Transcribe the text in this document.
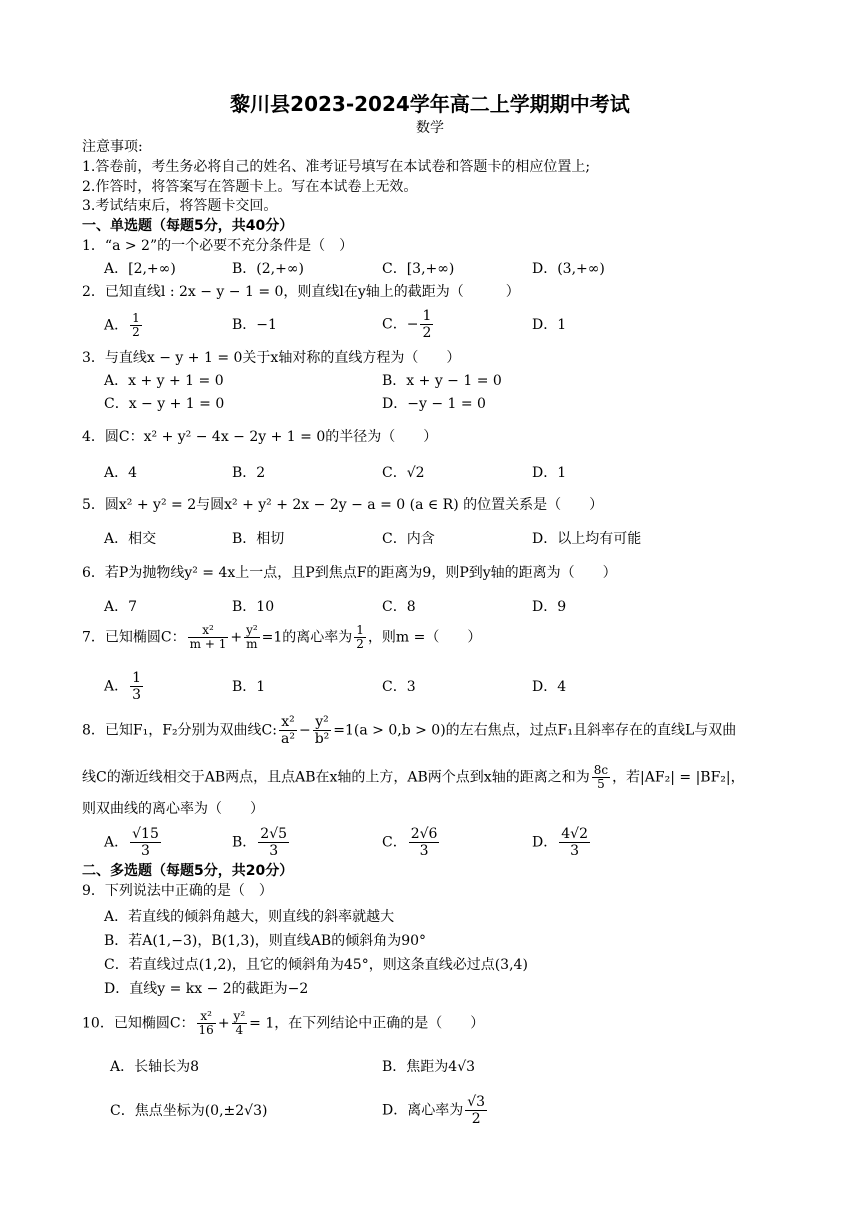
黎川县2023-2024学年高二上学期期中考试
数学
注意事项:
1.答卷前，考生务必将自己的姓名、准考证号填写在本试卷和答题卡的相应位置上;
2.作答时，将答案写在答题卡上。写在本试卷上无效。
3.考试结束后，将答题卡交回。
一、单选题（每题5分，共40分）
1．“a > 2”的一个必要不充分条件是（　）
A．[2,+∞)	B．(2,+∞)	C．[3,+∞)	D．(3,+∞)
2．已知直线l : 2x − y − 1 = 0，则直线l在y轴上的截距为（　　　）
A． $\frac{1}{2}$	B．−1	C．− $\frac{1}{2}$	D．1
3．与直线x − y + 1 = 0关于x轴对称的直线方程为（　　）
A．x + y + 1 = 0	B．x + y − 1 = 0
C．x − y + 1 = 0	D．−y − 1 = 0
4．圆C：x² + y² − 4x − 2y + 1 = 0的半径为（　　）
A．4	B．2	C．√2	D．1
5．圆x² + y² = 2与圆x² + y² + 2x − 2y − a = 0 (a ∈ R) 的位置关系是（　　）
A．相交	B．相切	C．内含	D．以上均有可能
6．若P为抛物线y² = 4x上一点，且P到焦点F的距离为9，则P到y轴的距离为（　　）
A．7	B．10	C．8	D．9
7．已知椭圆C： $\frac{\text{x²}}{m + 1} + \frac{\text{y²}}{m} =1$的离心率为 $\frac{1}{2}$ ，则m =（　　）
A． $\frac{1}{3}$	B．1	C．3	D．4
8．已知F₁，F₂分别为双曲线C: $\frac{\text{x²}}{\text{a²}} - \frac{\text{y²}}{\text{b²}} =1(a > 0,b > 0)$的左右焦点，过点F₁且斜率存在的直线L与双曲
线C的渐近线相交于AB两点，且点AB在x轴的上方，AB两个点到x轴的距离之和为 $\frac{8c}{5}$ ，若|AF₂| = |BF₂|，
则双曲线的离心率为（　　）
A． $\frac{√15}{3}$	B． $\frac{2√5}{3}$	C． $\frac{2√6}{3}$	D． $\frac{4√2}{3}$
二、多选题（每题5分，共20分）
9．下列说法中正确的是（　）
A．若直线的倾斜角越大，则直线的斜率就越大
B．若A(1,−3)，B(1,3)，则直线AB的倾斜角为90°
C．若直线过点(1,2)，且它的倾斜角为45°，则这条直线必过点(3,4)
D．直线y = kx − 2的截距为−2
10．已知椭圆C： $\frac{\text{x²}}{16} + \frac{\text{y²}}{4} = 1$，在下列结论中正确的是（　　）
A．长轴长为8	B．焦距为4√3
C．焦点坐标为(0,±2√3)	D．离心率为 $\frac{√3}{2}$
